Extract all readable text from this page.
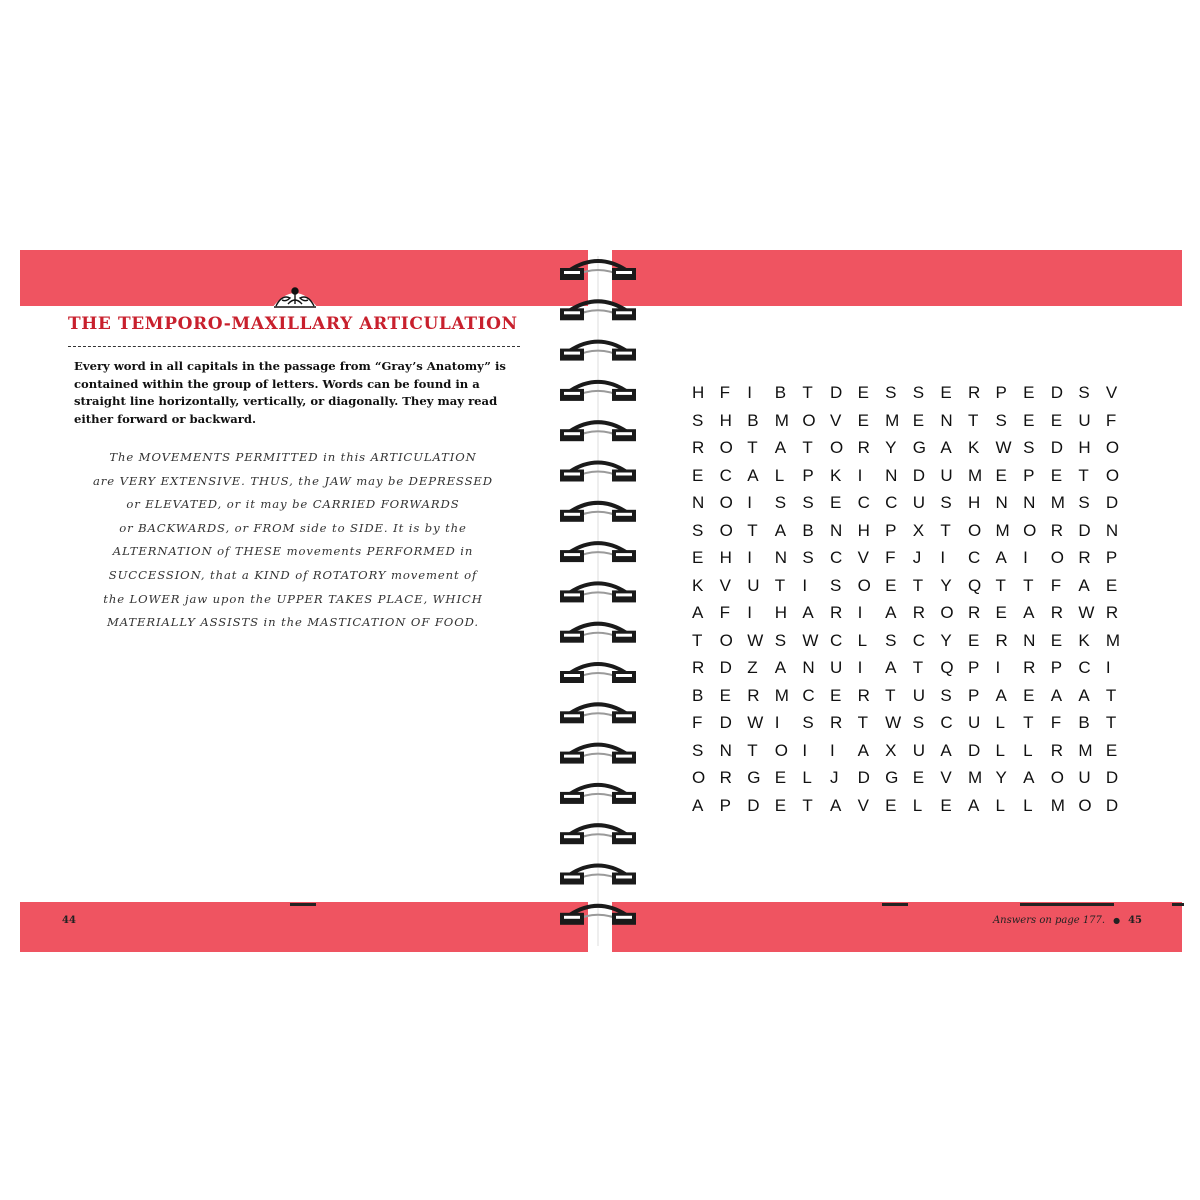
THE TEMPORO-MAXILLARY ARTICULATION
Every word in all capitals in the passage from “Gray’s Anatomy” is contained within the group of letters. Words can be found in a straight line horizontally, vertically, or diagonally. They may read either forward or backward.
The MOVEMENTS PERMITTED in this ARTICULATION
are VERY EXTENSIVE. THUS, the JAW may be DEPRESSED
or ELEVATED, or it may be CARRIED FORWARDS
or BACKWARDS, or FROM side to SIDE. It is by the
ALTERNATION of THESE movements PERFORMED in
SUCCESSION, that a KIND of ROTATORY movement of
the LOWER jaw upon the UPPER TAKES PLACE, WHICH
MATERIALLY ASSISTS in the MASTICATION OF FOOD.
44	Answers on page 177. ● 45
H F	I	B T	D E S S E R P E D S V
S H B M O V E M E N T	S E E U F
R O T	A T	O R Y G A K W S D H O
E C A L	P K I	N D U M E P E T	O
N O I	S S E C C U S H N N M S D
S O T	A B N H P X T	O M O R D N
E H I	N S C V F	J	I	C A I	O R P
K V U T	I	S O E T	Y Q T	T	F	A E
A F	I	H A R I	A R O R E A R W R
T	O W S W C L	S C Y E R N E K M
R D Z	A N U I	A T	Q P I	R P C I
B E R M C E R T	U S P A E A A T
F	D W I	S R T	W S C U L	T	F	B T
S N T	O I	I	A X U A D L	L	R M E
O R G E L	J	D G E V M Y A O U D
A P D E T	A V E L	E A L	L	M O D
